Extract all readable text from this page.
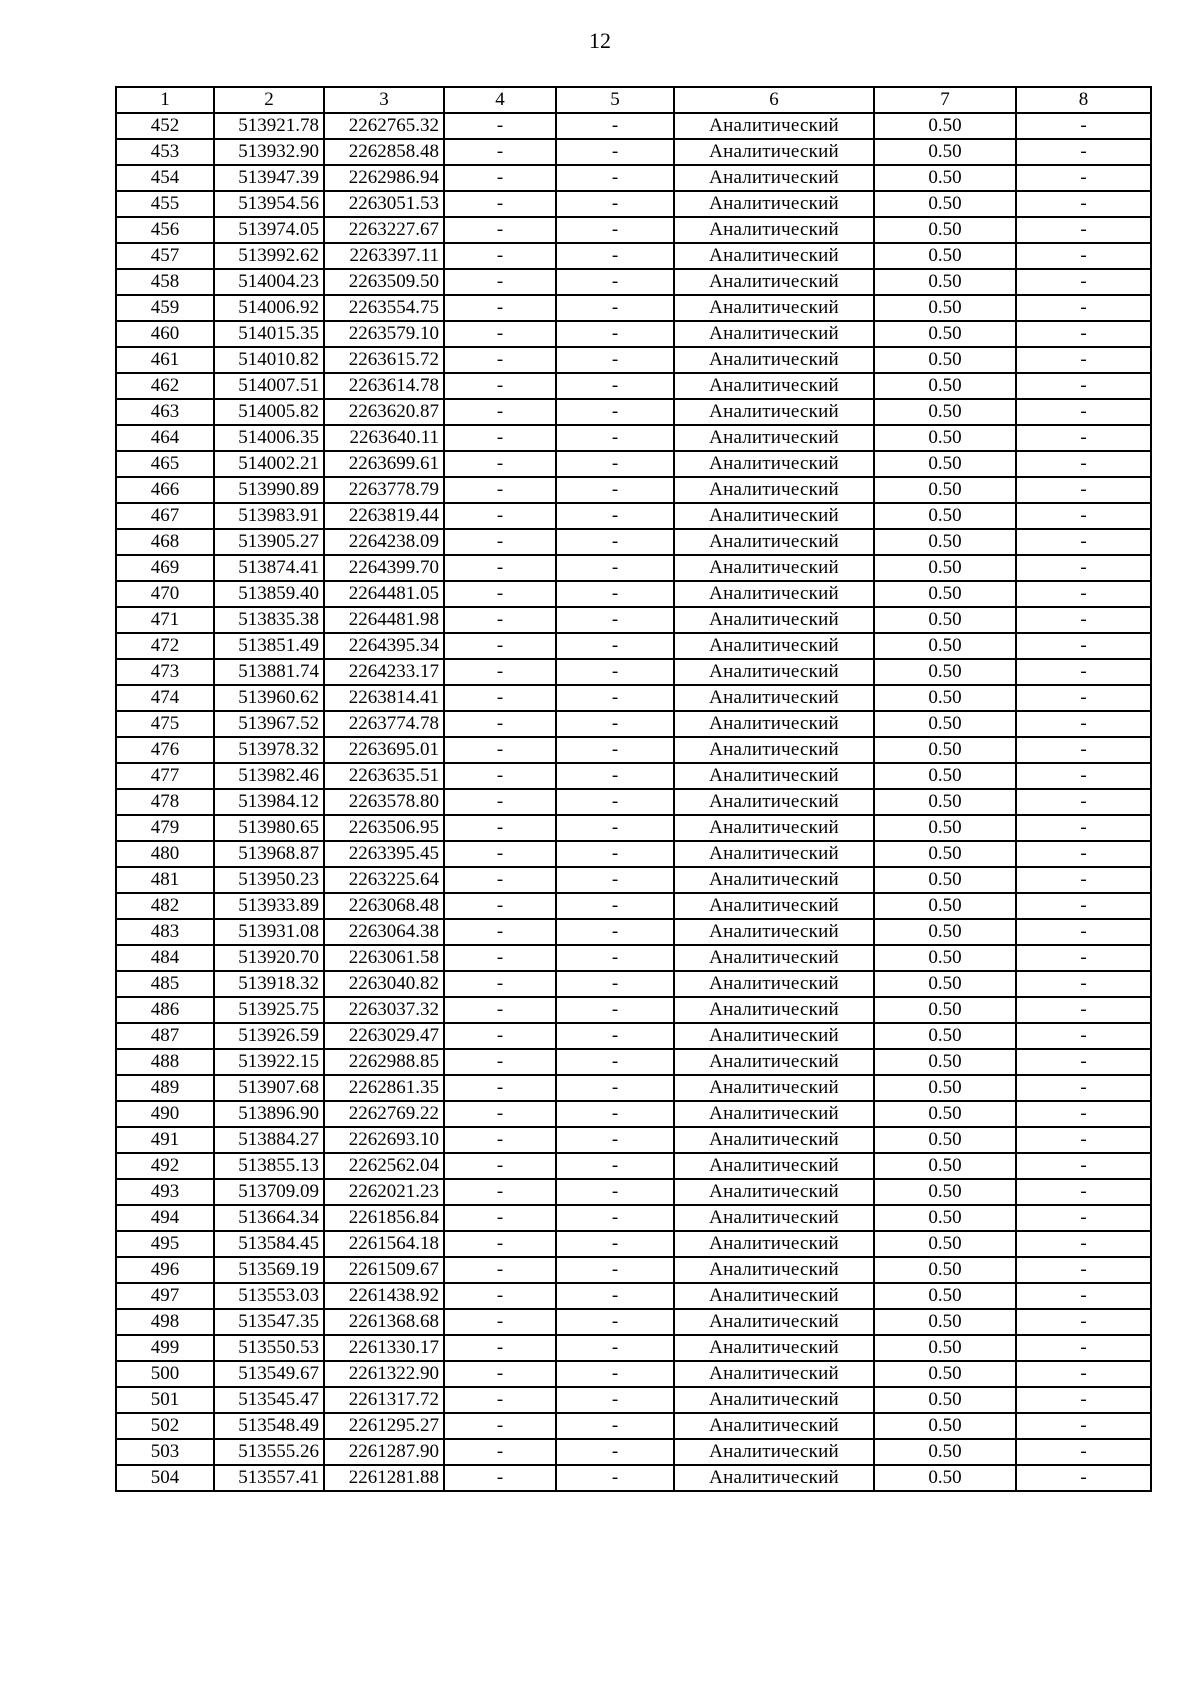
12
1	2	3	4	5	6	7	8
452	513921.78	2262765.32	-	-	Аналитический	0.50	-
453	513932.90	2262858.48	-	-	Аналитический	0.50	-
454	513947.39	2262986.94	-	-	Аналитический	0.50	-
455	513954.56	2263051.53	-	-	Аналитический	0.50	-
456	513974.05	2263227.67	-	-	Аналитический	0.50	-
457	513992.62	2263397.11	-	-	Аналитический	0.50	-
458	514004.23	2263509.50	-	-	Аналитический	0.50	-
459	514006.92	2263554.75	-	-	Аналитический	0.50	-
460	514015.35	2263579.10	-	-	Аналитический	0.50	-
461	514010.82	2263615.72	-	-	Аналитический	0.50	-
462	514007.51	2263614.78	-	-	Аналитический	0.50	-
463	514005.82	2263620.87	-	-	Аналитический	0.50	-
464	514006.35	2263640.11	-	-	Аналитический	0.50	-
465	514002.21	2263699.61	-	-	Аналитический	0.50	-
466	513990.89	2263778.79	-	-	Аналитический	0.50	-
467	513983.91	2263819.44	-	-	Аналитический	0.50	-
468	513905.27	2264238.09	-	-	Аналитический	0.50	-
469	513874.41	2264399.70	-	-	Аналитический	0.50	-
470	513859.40	2264481.05	-	-	Аналитический	0.50	-
471	513835.38	2264481.98	-	-	Аналитический	0.50	-
472	513851.49	2264395.34	-	-	Аналитический	0.50	-
473	513881.74	2264233.17	-	-	Аналитический	0.50	-
474	513960.62	2263814.41	-	-	Аналитический	0.50	-
475	513967.52	2263774.78	-	-	Аналитический	0.50	-
476	513978.32	2263695.01	-	-	Аналитический	0.50	-
477	513982.46	2263635.51	-	-	Аналитический	0.50	-
478	513984.12	2263578.80	-	-	Аналитический	0.50	-
479	513980.65	2263506.95	-	-	Аналитический	0.50	-
480	513968.87	2263395.45	-	-	Аналитический	0.50	-
481	513950.23	2263225.64	-	-	Аналитический	0.50	-
482	513933.89	2263068.48	-	-	Аналитический	0.50	-
483	513931.08	2263064.38	-	-	Аналитический	0.50	-
484	513920.70	2263061.58	-	-	Аналитический	0.50	-
485	513918.32	2263040.82	-	-	Аналитический	0.50	-
486	513925.75	2263037.32	-	-	Аналитический	0.50	-
487	513926.59	2263029.47	-	-	Аналитический	0.50	-
488	513922.15	2262988.85	-	-	Аналитический	0.50	-
489	513907.68	2262861.35	-	-	Аналитический	0.50	-
490	513896.90	2262769.22	-	-	Аналитический	0.50	-
491	513884.27	2262693.10	-	-	Аналитический	0.50	-
492	513855.13	2262562.04	-	-	Аналитический	0.50	-
493	513709.09	2262021.23	-	-	Аналитический	0.50	-
494	513664.34	2261856.84	-	-	Аналитический	0.50	-
495	513584.45	2261564.18	-	-	Аналитический	0.50	-
496	513569.19	2261509.67	-	-	Аналитический	0.50	-
497	513553.03	2261438.92	-	-	Аналитический	0.50	-
498	513547.35	2261368.68	-	-	Аналитический	0.50	-
499	513550.53	2261330.17	-	-	Аналитический	0.50	-
500	513549.67	2261322.90	-	-	Аналитический	0.50	-
501	513545.47	2261317.72	-	-	Аналитический	0.50	-
502	513548.49	2261295.27	-	-	Аналитический	0.50	-
503	513555.26	2261287.90	-	-	Аналитический	0.50	-
504	513557.41	2261281.88	-	-	Аналитический	0.50	-
